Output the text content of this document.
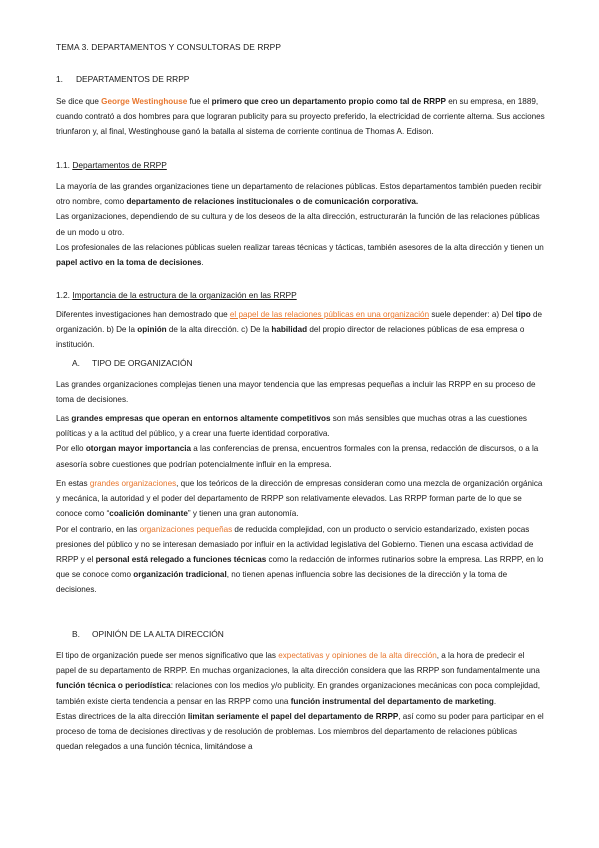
TEMA 3. DEPARTAMENTOS Y CONSULTORAS DE RRPP

1. DEPARTAMENTOS DE RRPP

Se dice que George Westinghouse fue el primero que creo un departamento propio como tal de RRPP en su empresa, en 1889, cuando contrató a dos hombres para que lograran publicity para su proyecto preferido, la electricidad de corriente alterna. Sus acciones triunfaron y, al final, Westinghouse ganó la batalla al sistema de corriente continua de Thomas A. Edison.

1.1. Departamentos de RRPP

La mayoría de las grandes organizaciones tiene un departamento de relaciones públicas. Estos departamentos también pueden recibir otro nombre, como departamento de relaciones institucionales o de comunicación corporativa.

Las organizaciones, dependiendo de su cultura y de los deseos de la alta dirección, estructurarán la función de las relaciones públicas de un modo u otro.

Los profesionales de las relaciones públicas suelen realizar tareas técnicas y tácticas, también asesores de la alta dirección y tienen un papel activo en la toma de decisiones.

1.2. Importancia de la estructura de la organización en las RRPP

Diferentes investigaciones han demostrado que el papel de las relaciones públicas en una organización suele depender: a) Del tipo de organización. b) De la opinión de la alta dirección. c) De la habilidad del propio director de relaciones públicas de esa empresa o institución.

A. TIPO DE ORGANIZACIÓN

Las grandes organizaciones complejas tienen una mayor tendencia que las empresas pequeñas a incluir las RRPP en su proceso de toma de decisiones.

Las grandes empresas que operan en entornos altamente competitivos son más sensibles que muchas otras a las cuestiones políticas y a la actitud del público, y a crear una fuerte identidad corporativa.

Por ello otorgan mayor importancia a las conferencias de prensa, encuentros formales con la prensa, redacción de discursos, o a la asesoría sobre cuestiones que podrían potencialmente influir en la empresa.

En estas grandes organizaciones, que los teóricos de la dirección de empresas consideran como una mezcla de organización orgánica y mecánica, la autoridad y el poder del departamento de RRPP son relativamente elevados. Las RRPP forman parte de lo que se conoce como “coalición dominante” y tienen una gran autonomía.

Por el contrario, en las organizaciones pequeñas de reducida complejidad, con un producto o servicio estandarizado, existen pocas presiones del público y no se interesan demasiado por influir en la actividad legislativa del Gobierno. Tienen una escasa actividad de RRPP y el personal está relegado a funciones técnicas como la redacción de informes rutinarios sobre la empresa. Las RRPP, en lo que se conoce como organización tradicional, no tienen apenas influencia sobre las decisiones de la dirección y la toma de decisiones.

B. OPINIÓN DE LA ALTA DIRECCIÓN

El tipo de organización puede ser menos significativo que las expectativas y opiniones de la alta dirección, a la hora de predecir el papel de su departamento de RRPP. En muchas organizaciones, la alta dirección considera que las RRPP son fundamentalmente una función técnica o periodística: relaciones con los medios y/o publicity. En grandes organizaciones mecánicas con poca complejidad, también existe cierta tendencia a pensar en las RRPP como una función instrumental del departamento de marketing.

Estas directrices de la alta dirección limitan seriamente el papel del departamento de RRPP, así como su poder para participar en el proceso de toma de decisiones directivas y de resolución de problemas. Los miembros del departamento de relaciones públicas quedan relegados a una función técnica, limitándose a
